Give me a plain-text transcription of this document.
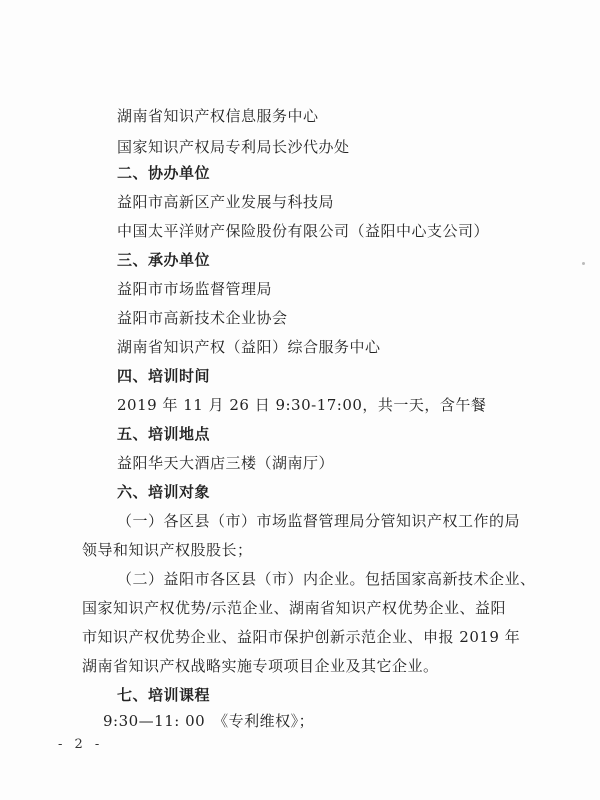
湖南省知识产权信息服务中心
国家知识产权局专利局长沙代办处
二、协办单位
益阳市高新区产业发展与科技局
中国太平洋财产保险股份有限公司（益阳中心支公司）
三、承办单位
益阳市市场监督管理局
益阳市高新技术企业协会
湖南省知识产权（益阳）综合服务中心
四、培训时间
2019 年 11 月 26 日 9:30-17:00，共一天，含午餐
五、培训地点
益阳华天大酒店三楼（湖南厅）
六、培训对象
（一）各区县（市）市场监督管理局分管知识产权工作的局
领导和知识产权股股长；
（二）益阳市各区县（市）内企业。包括国家高新技术企业、
国家知识产权优势/示范企业、湖南省知识产权优势企业、益阳
市知识产权优势企业、益阳市保护创新示范企业、申报 2019 年
湖南省知识产权战略实施专项项目企业及其它企业。
七、培训课程
9:30—11: 00　《专利维权》；
- 2 -
